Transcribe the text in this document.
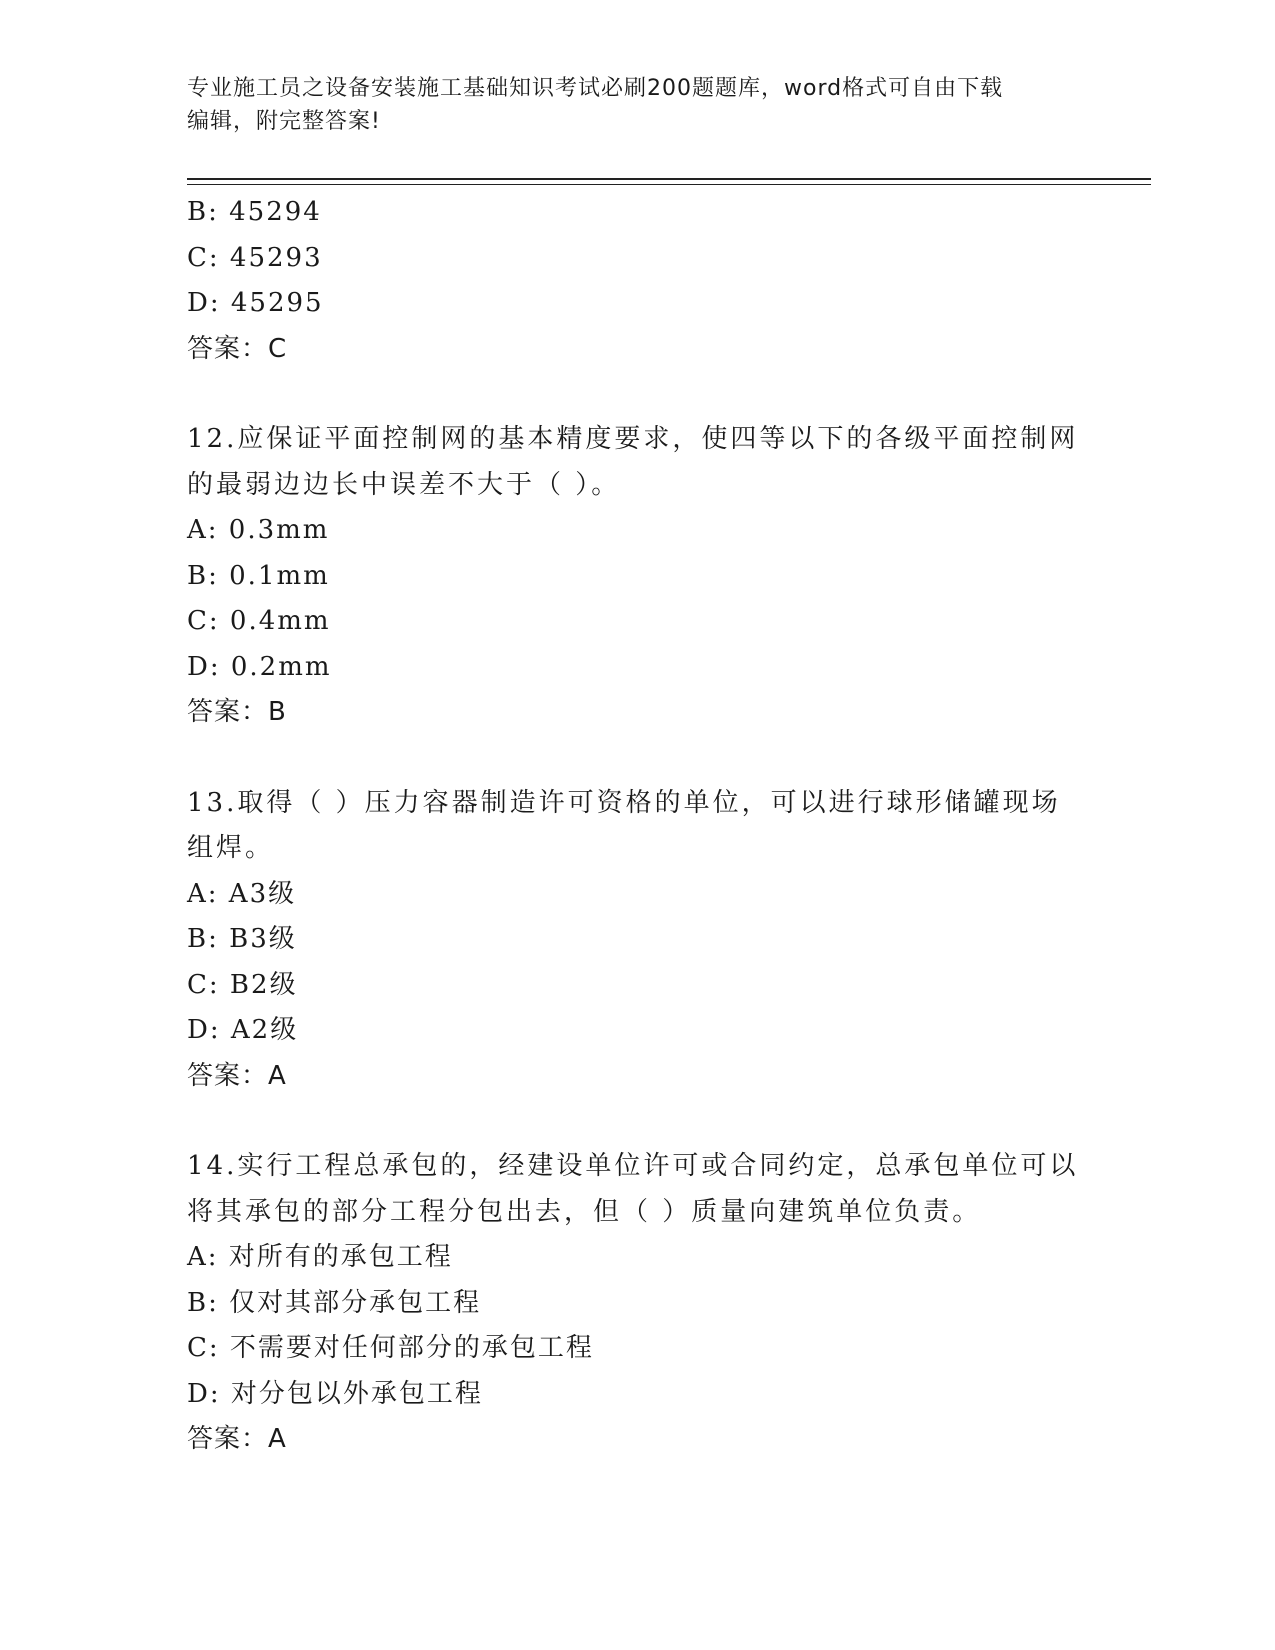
专业施工员之设备安装施工基础知识考试必刷200题题库，word格式可自由下载
编辑，附完整答案!
B: 45294
C: 45293
D: 45295
答案：C
12.应保证平面控制网的基本精度要求，使四等以下的各级平面控制网
的最弱边边长中误差不大于（ ）。
A: 0.3mm
B: 0.1mm
C: 0.4mm
D: 0.2mm
答案：B
13.取得（ ）压力容器制造许可资格的单位，可以进行球形储罐现场
组焊。
A: A3级
B: B3级
C: B2级
D: A2级
答案：A
14.实行工程总承包的，经建设单位许可或合同约定，总承包单位可以
将其承包的部分工程分包出去，但（ ）质量向建筑单位负责。
A: 对所有的承包工程
B: 仅对其部分承包工程
C: 不需要对任何部分的承包工程
D: 对分包以外承包工程
答案：A
